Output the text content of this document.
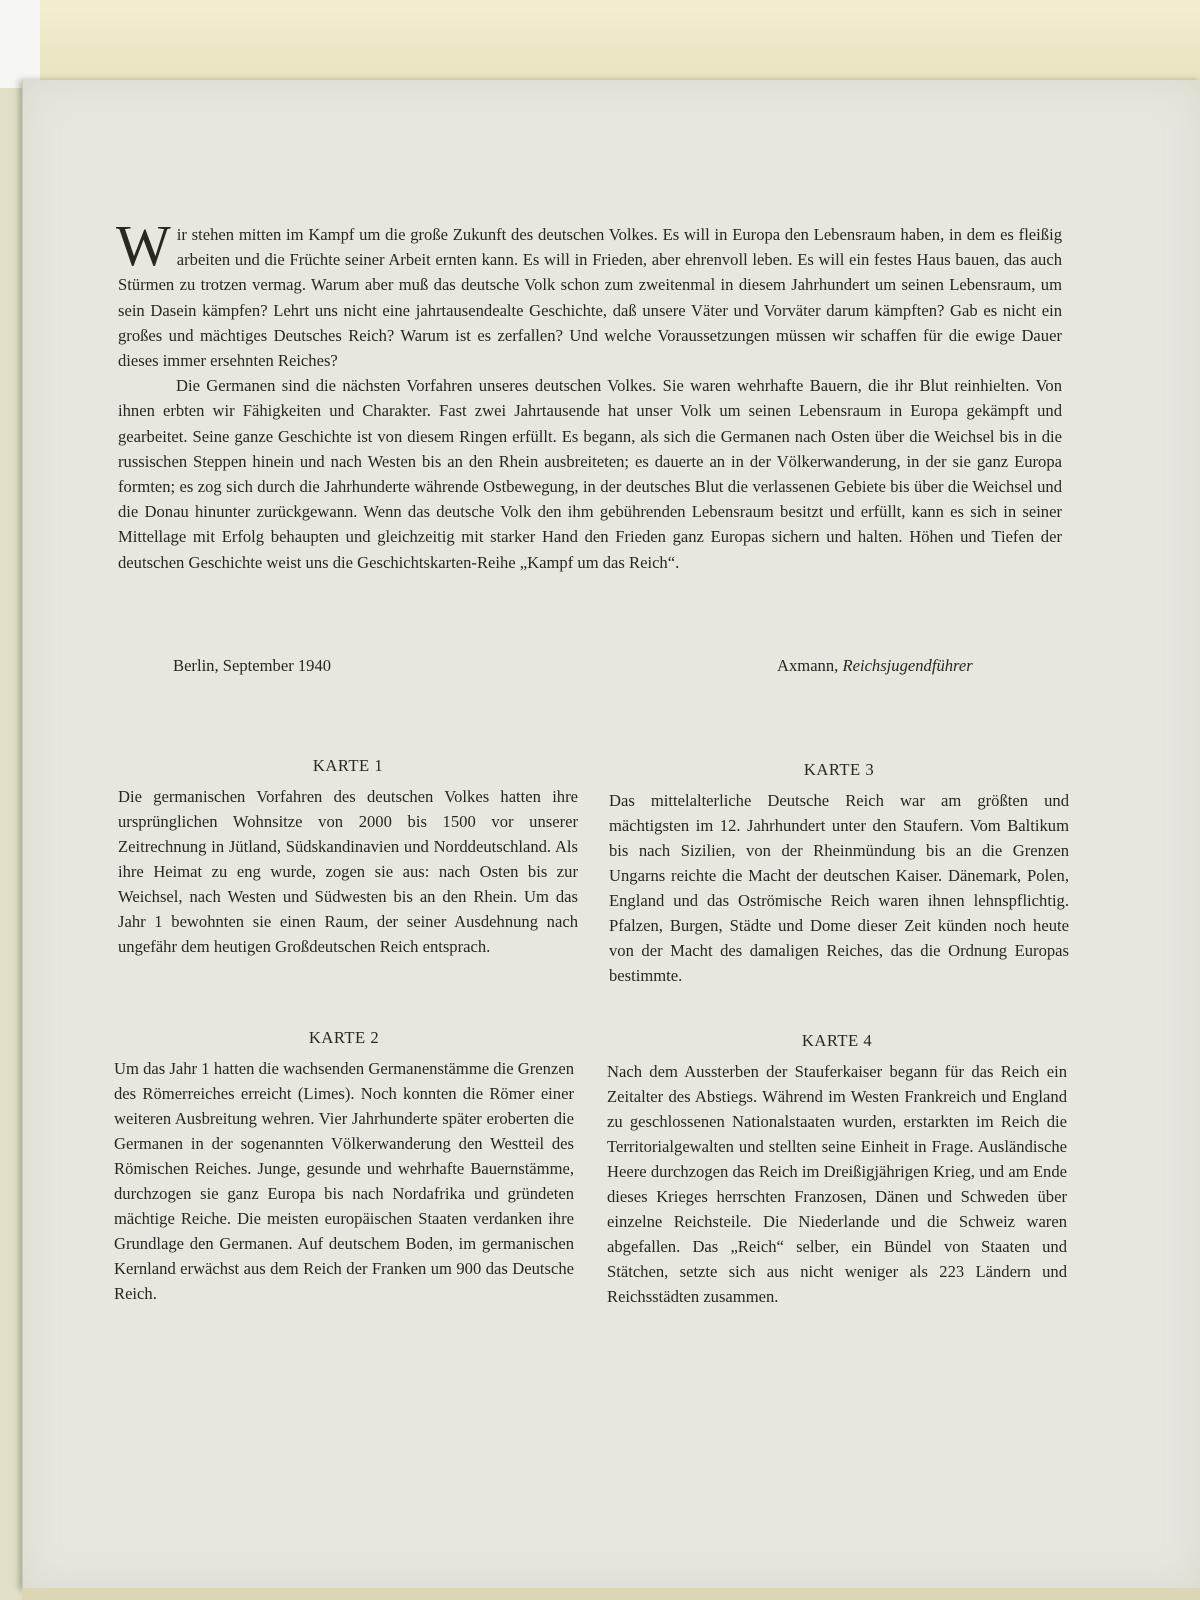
Wir stehen mitten im Kampf um die große Zukunft des deutschen Volkes. Es will in Europa den Lebensraum haben, in dem es fleißig arbeiten und die Früchte seiner Arbeit ernten kann. Es will in Frieden, aber ehrenvoll leben. Es will ein festes Haus bauen, das auch Stürmen zu trotzen vermag. Warum aber muß das deutsche Volk schon zum zweitenmal in diesem Jahrhundert um seinen Lebensraum, um sein Dasein kämpfen? Lehrt uns nicht eine jahrtausendealte Geschichte, daß unsere Väter und Vorväter darum kämpften? Gab es nicht ein großes und mächtiges Deutsches Reich? Warum ist es zerfallen? Und welche Voraussetzungen müssen wir schaffen für die ewige Dauer dieses immer ersehnten Reiches?

Die Germanen sind die nächsten Vorfahren unseres deutschen Volkes. Sie waren wehrhafte Bauern, die ihr Blut reinhielten. Von ihnen erbten wir Fähigkeiten und Charakter. Fast zwei Jahrtausende hat unser Volk um seinen Lebensraum in Europa gekämpft und gearbeitet. Seine ganze Geschichte ist von diesem Ringen erfüllt. Es begann, als sich die Germanen nach Osten über die Weichsel bis in die russischen Steppen hinein und nach Westen bis an den Rhein ausbreiteten; es dauerte an in der Völkerwanderung, in der sie ganz Europa formten; es zog sich durch die Jahrhunderte währende Ostbewegung, in der deutsches Blut die verlassenen Gebiete bis über die Weichsel und die Donau hinunter zurückgewann. Wenn das deutsche Volk den ihm gebührenden Lebensraum besitzt und erfüllt, kann es sich in seiner Mittellage mit Erfolg behaupten und gleichzeitig mit starker Hand den Frieden ganz Europas sichern und halten. Höhen und Tiefen der deutschen Geschichte weist uns die Geschichtskarten-Reihe „Kampf um das Reich“.

Berlin, September 1940	Axmann, Reichsjugendführer
KARTE 1

Die germanischen Vorfahren des deutschen Volkes hatten ihre ursprünglichen Wohnsitze von 2000 bis 1500 vor unserer Zeitrechnung in Jütland, Südskandinavien und Norddeutschland. Als ihre Heimat zu eng wurde, zogen sie aus: nach Osten bis zur Weichsel, nach Westen und Südwesten bis an den Rhein. Um das Jahr 1 bewohnten sie einen Raum, der seiner Ausdehnung nach ungefähr dem heutigen Großdeutschen Reich entsprach.

KARTE 3

Das mittelalterliche Deutsche Reich war am größten und mächtigsten im 12. Jahrhundert unter den Staufern. Vom Baltikum bis nach Sizilien, von der Rheinmündung bis an die Grenzen Ungarns reichte die Macht der deutschen Kaiser. Dänemark, Polen, England und das Oströmische Reich waren ihnen lehnspflichtig. Pfalzen, Burgen, Städte und Dome dieser Zeit künden noch heute von der Macht des damaligen Reiches, das die Ordnung Europas bestimmte.

KARTE 2

Um das Jahr 1 hatten die wachsenden Germanenstämme die Grenzen des Römerreiches erreicht (Limes). Noch konnten die Römer einer weiteren Ausbreitung wehren. Vier Jahrhunderte später eroberten die Germanen in der sogenannten Völkerwanderung den Westteil des Römischen Reiches. Junge, gesunde und wehrhafte Bauernstämme, durchzogen sie ganz Europa bis nach Nordafrika und gründeten mächtige Reiche. Die meisten europäischen Staaten verdanken ihre Grundlage den Germanen. Auf deutschem Boden, im germanischen Kernland erwächst aus dem Reich der Franken um 900 das Deutsche Reich.

KARTE 4

Nach dem Aussterben der Stauferkaiser begann für das Reich ein Zeitalter des Abstiegs. Während im Westen Frankreich und England zu geschlossenen Nationalstaaten wurden, erstarkten im Reich die Territorialgewalten und stellten seine Einheit in Frage. Ausländische Heere durchzogen das Reich im Dreißigjährigen Krieg, und am Ende dieses Krieges herrschten Franzosen, Dänen und Schweden über einzelne Reichsteile. Die Niederlande und die Schweiz waren abgefallen. Das „Reich“ selber, ein Bündel von Staaten und Stätchen, setzte sich aus nicht weniger als 223 Ländern und Reichsstädten zusammen.
